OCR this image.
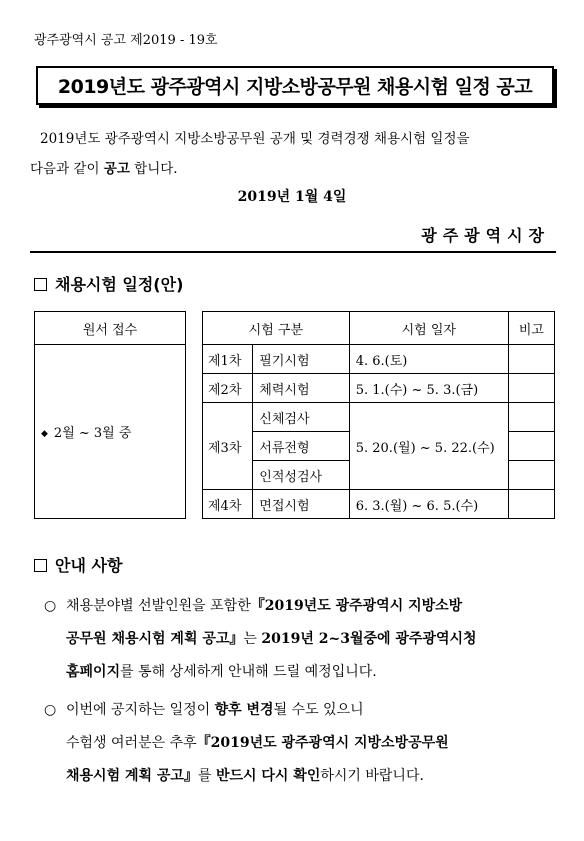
광주광역시 공고 제2019 - 19호
2019년도 광주광역시 지방소방공무원 채용시험 일정 공고
2019년도 광주광역시 지방소방공무원 공개 및 경력경쟁 채용시험 일정을
다음과 같이 공고 합니다.
2019년 1월 4일
광주광역시장
채용시험 일정(안)
원서 접수
◆ 2월 ~ 3월 중
시험 구분		시험 일자	비고
제1차	필기시험	4. 6.(토)	
제2차	체력시험	5. 1.(수) ~ 5. 3.(금)	
제3차	신체검사	5. 20.(월) ~ 5. 22.(수)	
	서류전형		
	인적성검사		
제4차	면접시험	6. 3.(월) ~ 6. 5.(수)	
안내 사항
○ 채용분야별 선발인원을 포함한『2019년도 광주광역시 지방소방
공무원 채용시험 계획 공고』는 2019년 2~3월중에 광주광역시청
홈페이지를 통해 상세하게 안내해 드릴 예정입니다.
○ 이번에 공지하는 일정이 향후 변경될 수도 있으니
수험생 여러분은 추후『2019년도 광주광역시 지방소방공무원
채용시험 계획 공고』를 반드시 다시 확인하시기 바랍니다.
